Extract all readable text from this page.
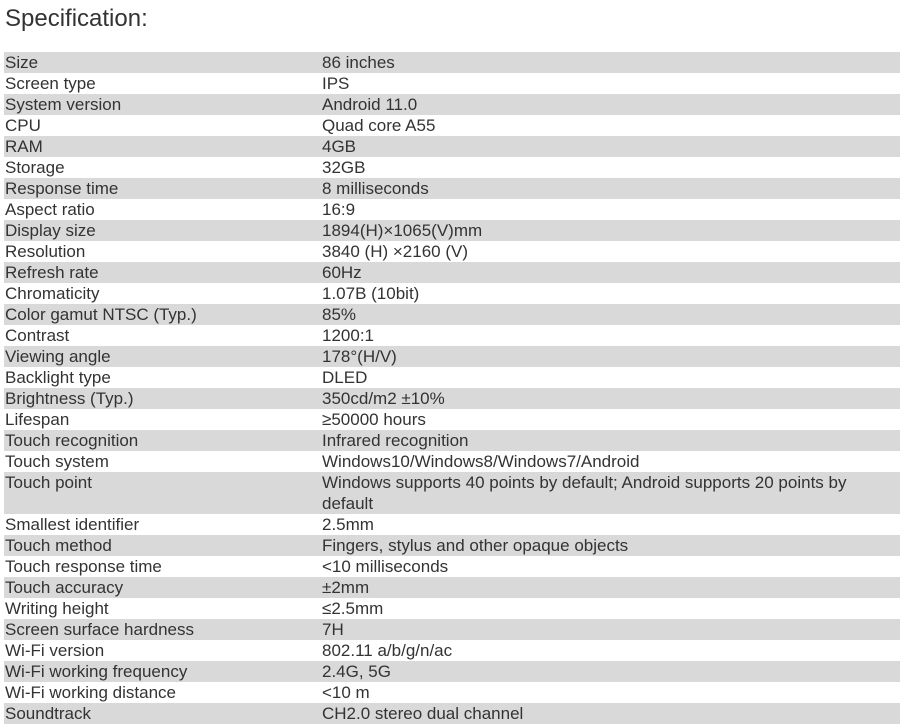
Specification:
Size	86 inches
Screen type	IPS
System version	Android 11.0
CPU	Quad core A55
RAM	4GB
Storage	32GB
Response time	8 milliseconds
Aspect ratio	16:9
Display size	1894(H)×1065(V)mm
Resolution	3840 (H) ×2160 (V)
Refresh rate	60Hz
Chromaticity	1.07B (10bit)
Color gamut NTSC (Typ.)	85%
Contrast	1200:1
Viewing angle	178°(H/V)
Backlight type	DLED
Brightness (Typ.)	350cd/m2 ±10%
Lifespan	≥50000 hours
Touch recognition	Infrared recognition
Touch system	Windows10/Windows8/Windows7/Android
Touch point	Windows supports 40 points by default; Android supports 20 points by default
Smallest identifier	2.5mm
Touch method	Fingers, stylus and other opaque objects
Touch response time	<10 milliseconds
Touch accuracy	±2mm
Writing height	≤2.5mm
Screen surface hardness	7H
Wi-Fi version	802.11 a/b/g/n/ac
Wi-Fi working frequency	2.4G, 5G
Wi-Fi working distance	<10 m
Soundtrack	CH2.0 stereo dual channel
